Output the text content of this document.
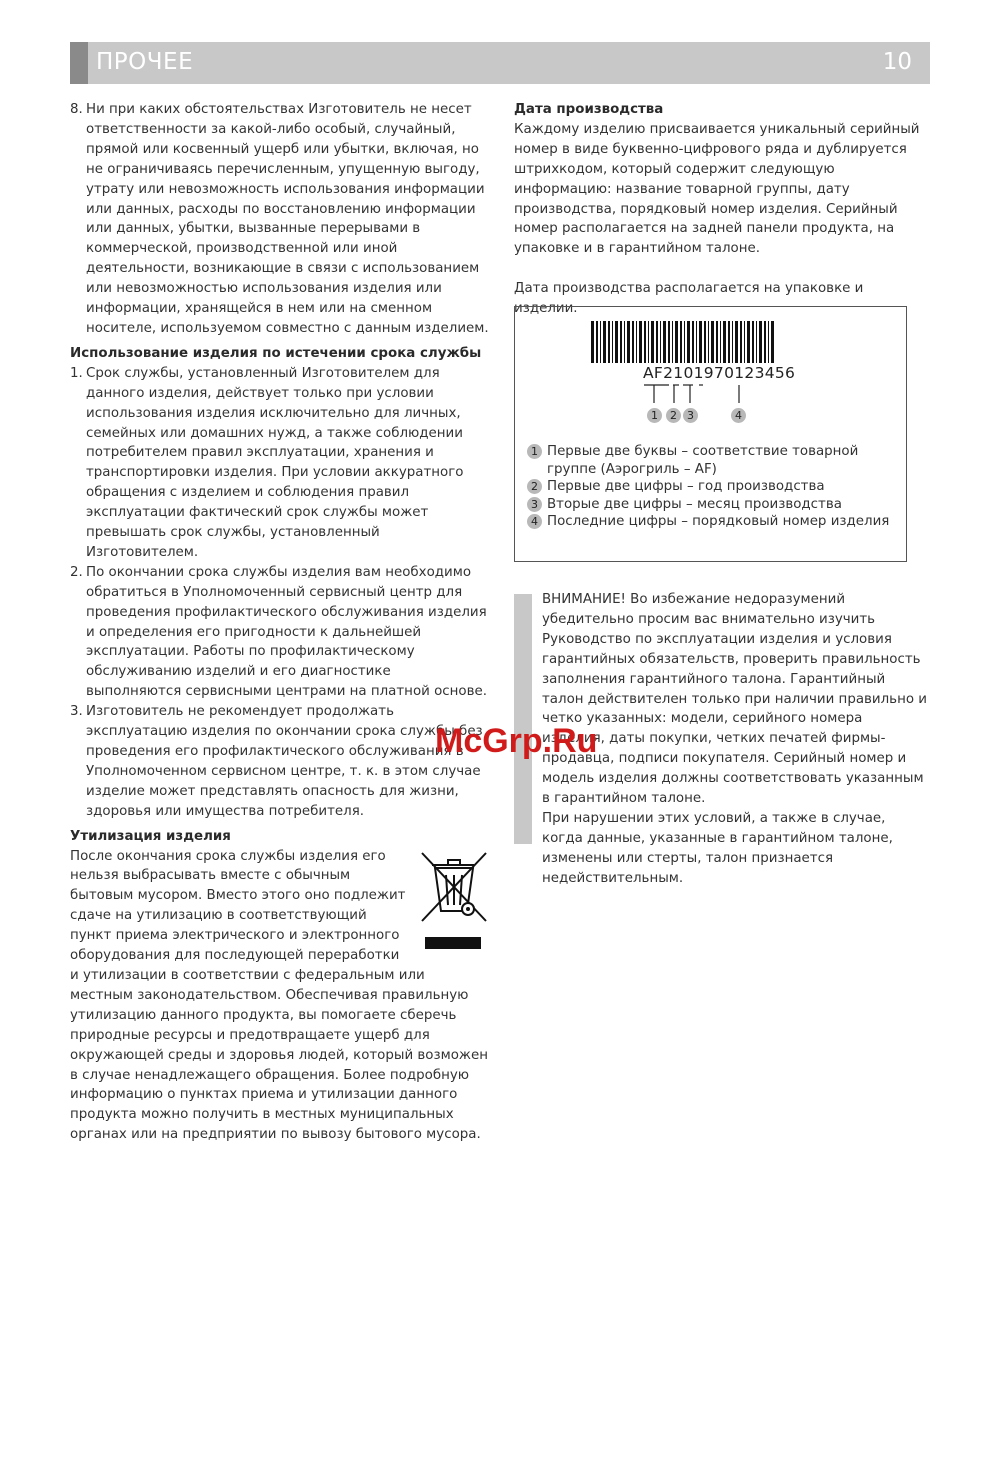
ПРОЧЕЕ	10
8. Ни при каких обстоятельствах Изготовитель не несет ответственности за какой-либо особый, случайный, прямой или косвенный ущерб или убытки, включая, но не ограничиваясь перечисленным, упущенную выгоду, утрату или невозможность использования информации или данных, расходы по восстановлению информации или данных, убытки, вызванные перерывами в коммерческой, производственной или иной деятельности, возникающие в связи с использованием или невозможностью использования изделия или информации, хранящейся в нем или на сменном носителе, используемом совместно с данным изделием.
Использование изделия по истечении срока службы
1. Срок службы, установленный Изготовителем для данного изделия, действует только при условии использования изделия исключительно для личных, семейных или домашних нужд, а также соблюдении потребителем правил эксплуатации, хранения и транспортировки изделия. При условии аккуратного обращения с изделием и соблюдения правил эксплуатации фактический срок службы может превышать срок службы, установленный Изготовителем.
2. По окончании срока службы изделия вам необходимо обратиться в Уполномоченный сервисный центр для проведения профилактического обслуживания изделия и определения его пригодности к дальнейшей эксплуатации. Работы по профилактическому обслуживанию изделий и его диагностике выполняются сервисными центрами на платной основе.
3. Изготовитель не рекомендует продолжать эксплуатацию изделия по окончании срока службы без проведения его профилактического обслуживания в Уполномоченном сервисном центре, т. к. в этом случае изделие может представлять опасность для жизни, здоровья или имущества потребителя.
Утилизация изделия
После окончания срока службы изделия его нельзя выбрасывать вместе с обычным бытовым мусором. Вместо этого оно подлежит сдаче на утилизацию в соответствующий пункт приема электрического и электронного оборудования для последующей переработки и утилизации в соответствии с федеральным или местным законодательством. Обеспечивая правильную утилизацию данного продукта, вы помогаете сберечь природные ресурсы и предотвращаете ущерб для окружающей среды и здоровья людей, который возможен в случае ненадлежащего обращения. Более подробную информацию о пунктах приема и утилизации данного продукта можно получить в местных муниципальных органах или на предприятии по вывозу бытового мусора.
Дата производства
Каждому изделию присваивается уникальный серийный номер в виде буквенно-цифрового ряда и дублируется штрихкодом, который содержит следующую информацию: название товарной группы, дату производства, порядковый номер изделия. Серийный номер располагается на задней панели продукта, на упаковке и в гарантийном талоне.
Дата производства располагается на упаковке и изделии.
AF2101970123456
1	2 3	4
1 Первые две буквы – соответствие товарной группе (Аэрогриль – AF)
2 Первые две цифры – год производства
3 Вторые две цифры – месяц производства
4 Последние цифры – порядковый номер изделия
ВНИМАНИЕ! Во избежание недоразумений убедительно просим вас внимательно изучить Руководство по эксплуатации изделия и условия гарантийных обязательств, проверить правильность заполнения гарантийного талона. Гарантийный талон действителен только при наличии правильно и четко указанных: модели, серийного номера изделия, даты покупки, четких печатей фирмы-продавца, подписи покупателя. Серийный номер и модель изделия должны соответствовать указанным в гарантийном талоне.
При нарушении этих условий, а также в случае, когда данные, указанные в гарантийном талоне, изменены или стерты, талон признается недействительным.
McGrp.Ru
